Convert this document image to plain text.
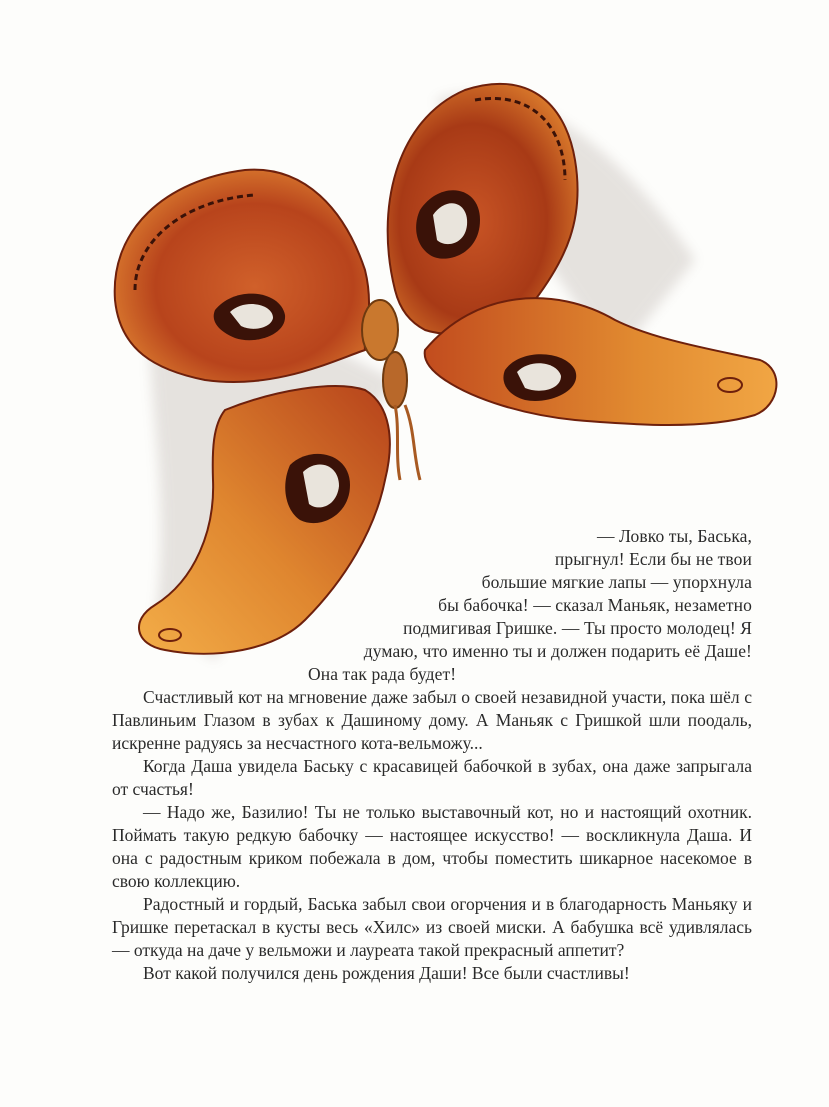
— Ловко ты, Баська,
прыгнул! Если бы не твои
большие мягкие лапы — упорхнула
бы бабочка! — сказал Маньяк, незаметно
подмигивая Гришке. — Ты просто молодец! Я
думаю, что именно ты и должен подарить её Даше!
Она так рада будет!

Счастливый кот на мгновение даже забыл о своей незавидной участи, пока шёл с Павлиньим Глазом в зубах к Дашиному дому. А Маньяк с Гришкой шли поодаль, искренне радуясь за несчастного кота-вельможу...

Когда Даша увидела Баську с красавицей бабочкой в зубах, она даже запрыгала от счастья!

— Надо же, Базилио! Ты не только выставочный кот, но и настоящий охотник. Поймать такую редкую бабочку — настоящее искусство! — воскликнула Даша. И она с радостным криком побежала в дом, чтобы поместить шикарное насекомое в свою коллекцию.

Радостный и гордый, Баська забыл свои огорчения и в благодарность Маньяку и Гришке перетаскал в кусты весь «Хилс» из своей миски. А бабушка всё удивлялась — откуда на даче у вельможи и лауреата такой прекрасный аппетит?

Вот какой получился день рождения Даши! Все были счастливы!
